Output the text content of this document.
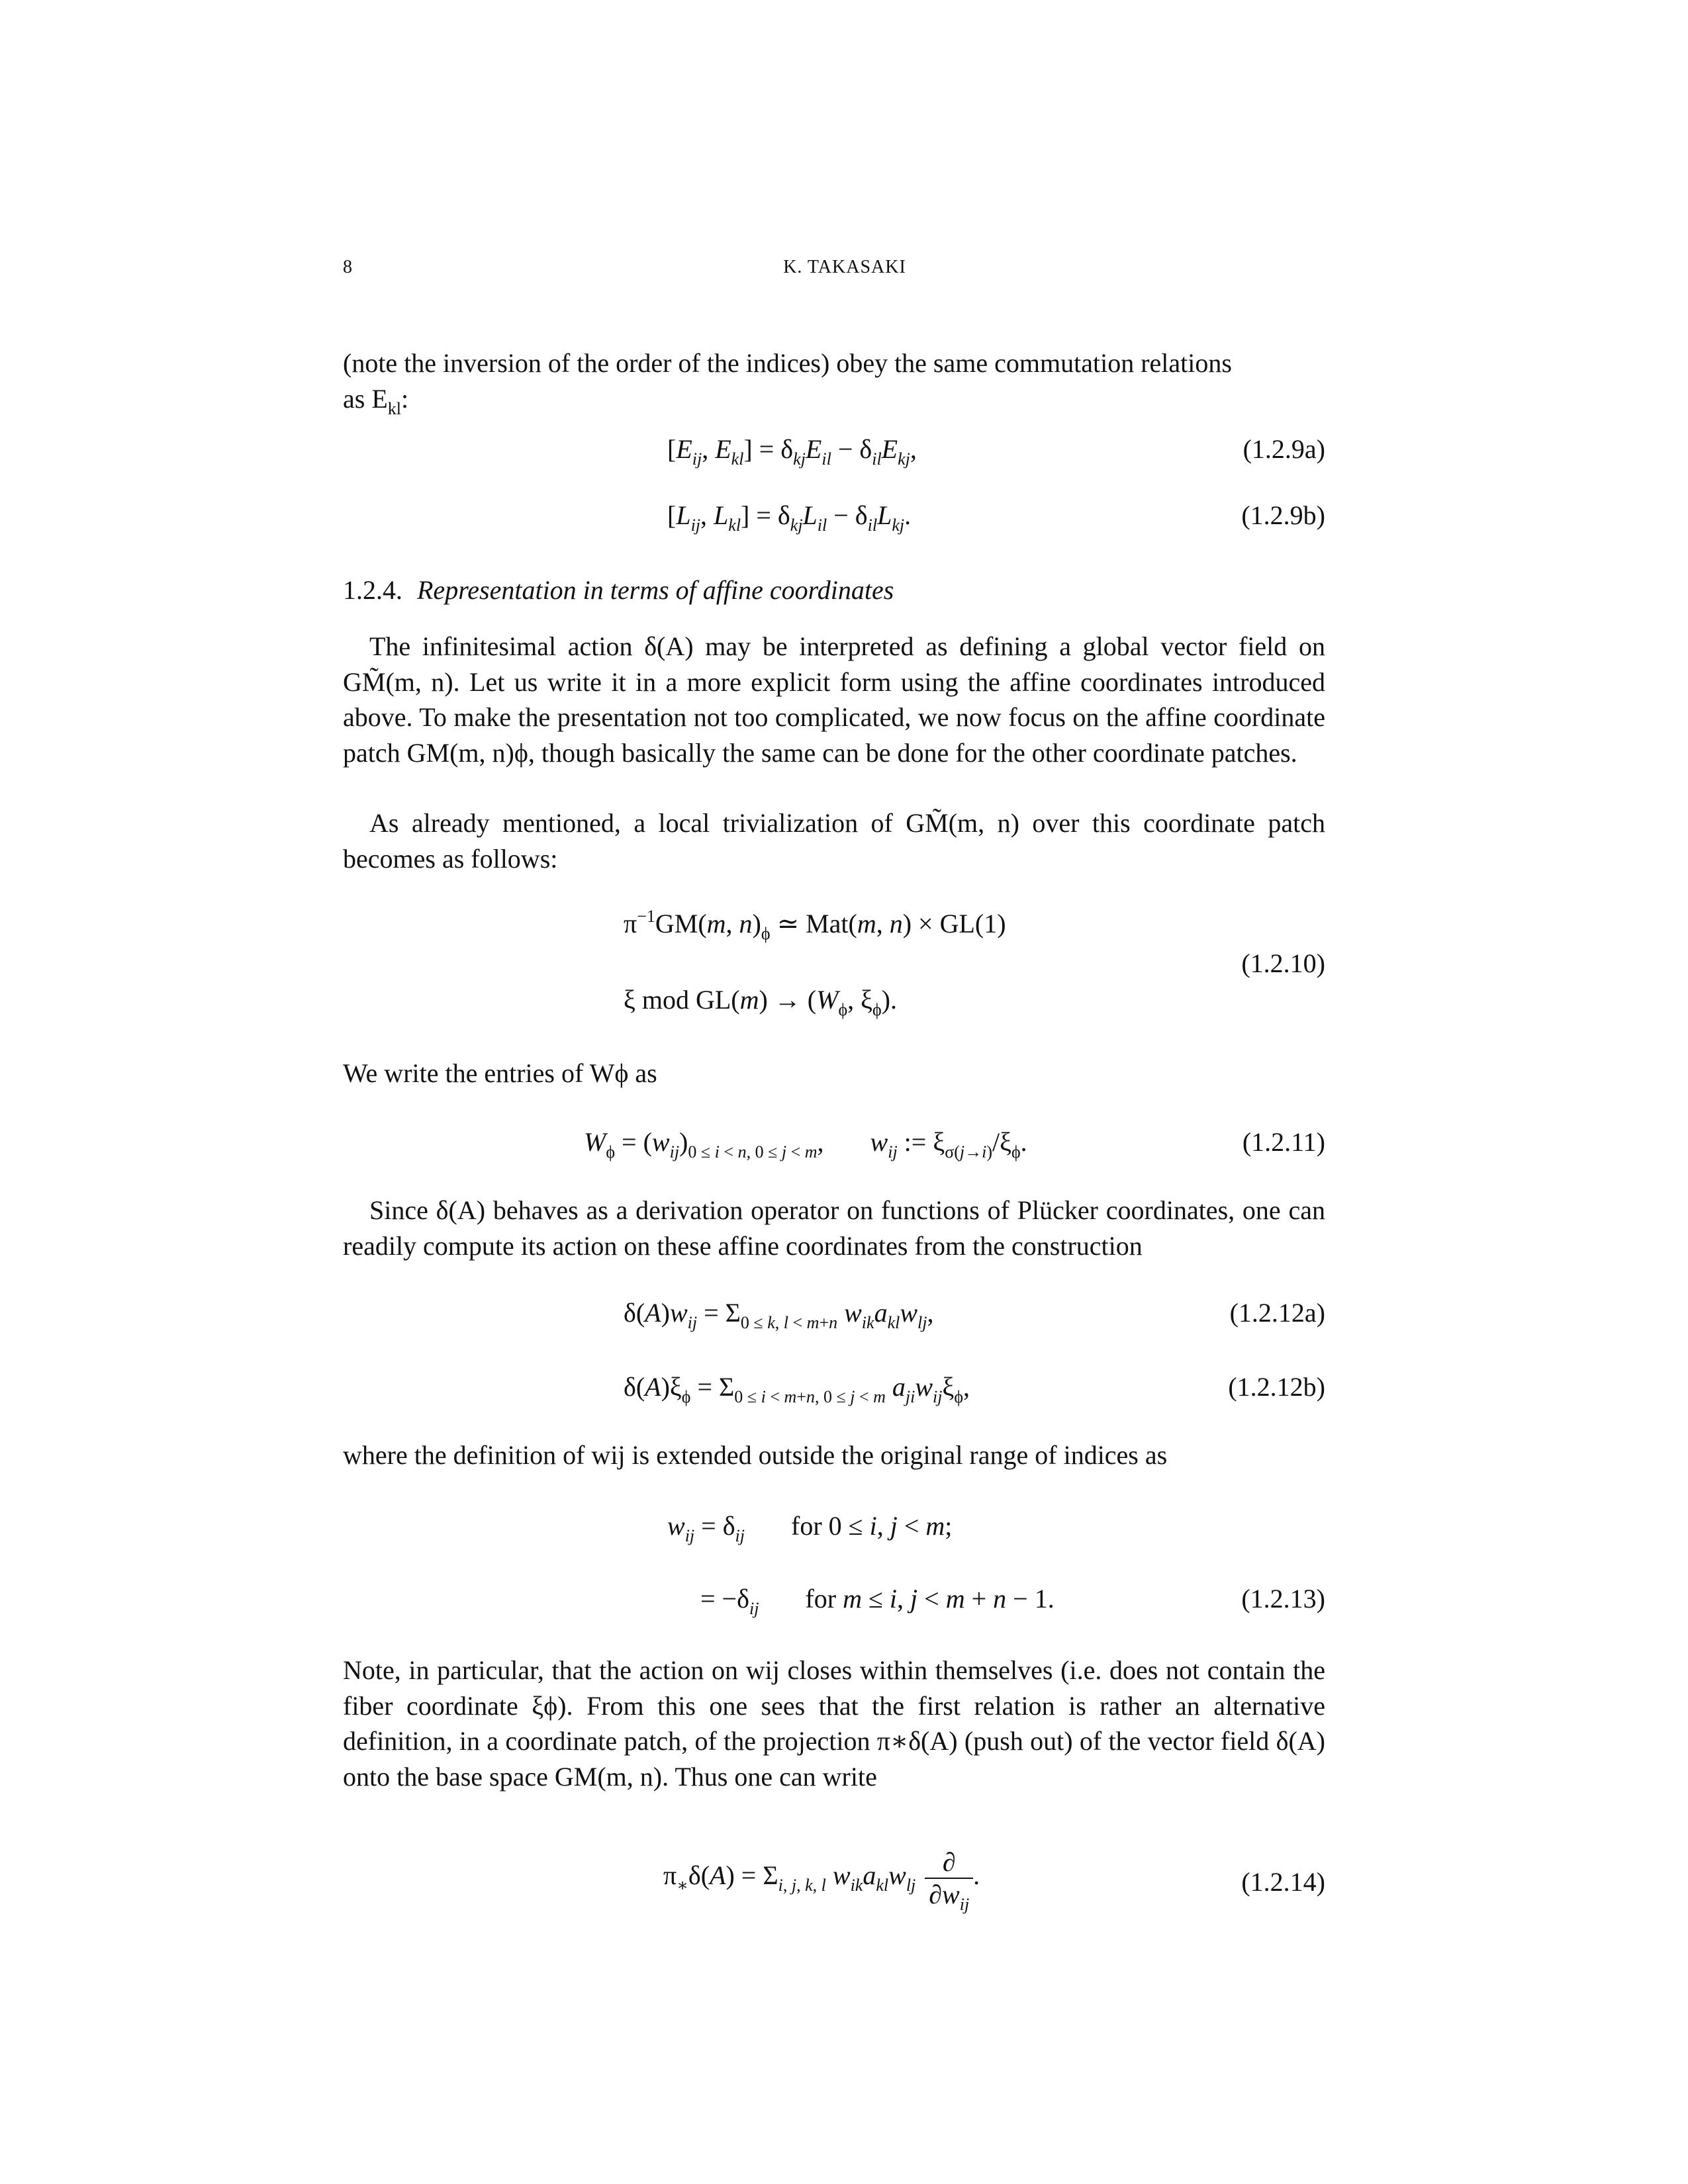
8	K. TAKASAKI

(note the inversion of the order of the indices) obey the same commutation relations

as $E_{kl}$:

[$E_{ij}$, $E_{kl}] = \delta_{kj}E_{il} - \delta_{il}E_{kj}$,	(1.2.9a)
[$L_{ij}$, $L_{kl}] = \delta_{kj}L_{il} - \delta_{il}L_{kj}$.	(1.2.9b)
1.2.4. Representation in terms of affine coordinates

The infinitesimal action δ(A) may be interpreted as defining a global vector field on GM̃(m, n). Let us write it in a more explicit form using the affine coordinates introduced above. To make the presentation not too complicated, we now focus on the affine coordinate patch GM(m, n)ϕ, though basically the same can be done for the other coordinate patches.

As already mentioned, a local trivialization of GM̃(m, n) over this coordinate patch becomes as follows:

$\pi^{-1}GM(m$, $n)_\phi$ ≃ Mat(m, n) × GL(1)
ξ mod $GL(m) \to (W_\phi$, $\xi_\phi$).
(1.2.10)

We write the entries of Wϕ as

$W_\phi = (w_{ij})_{0 \le i < n, 0 \le j < m}$,       $w_{ij}$ := $\xi_{\sigma(j\to i)}/\xi_\phi$.	(1.2.11)

Since δ(A) behaves as a derivation operator on functions of Plücker coordinates, one can readily compute its action on these affine coordinates from the construction

$\delta(A)w_{ij} = \Sigma_{0 \le k, l < m+n}$ $w_{ik}a_{kl}w_{lj}$,	(1.2.12a)
$\delta(A)\xi_\phi = \Sigma_{0 \le i < m+n, 0 \le j < m}$ $a_{ji}w_{ij}\xi_\phi$,	(1.2.12b)

where the definition of wij is extended outside the original range of indices as

$w_{ij} = \delta_{ij}$       for 0 ≤ i, j < m;
= $-\delta_{ij}$       for m ≤ i, j < m + n − 1.	(1.2.13)

Note, in particular, that the action on wij closes within themselves (i.e. does not contain the fiber coordinate ξϕ). From this one sees that the first relation is rather an alternative definition, in a coordinate patch, of the projection π∗δ(A) (push out) of the vector field δ(A) onto the base space GM(m, n). Thus one can write

$\pi_∗\delta(A) = \Sigma_{i, j, k, l}$ $w_{ik}a_{kl}w_{lj}$
∂
$\partial w_{ij}$
.	(1.2.14)
